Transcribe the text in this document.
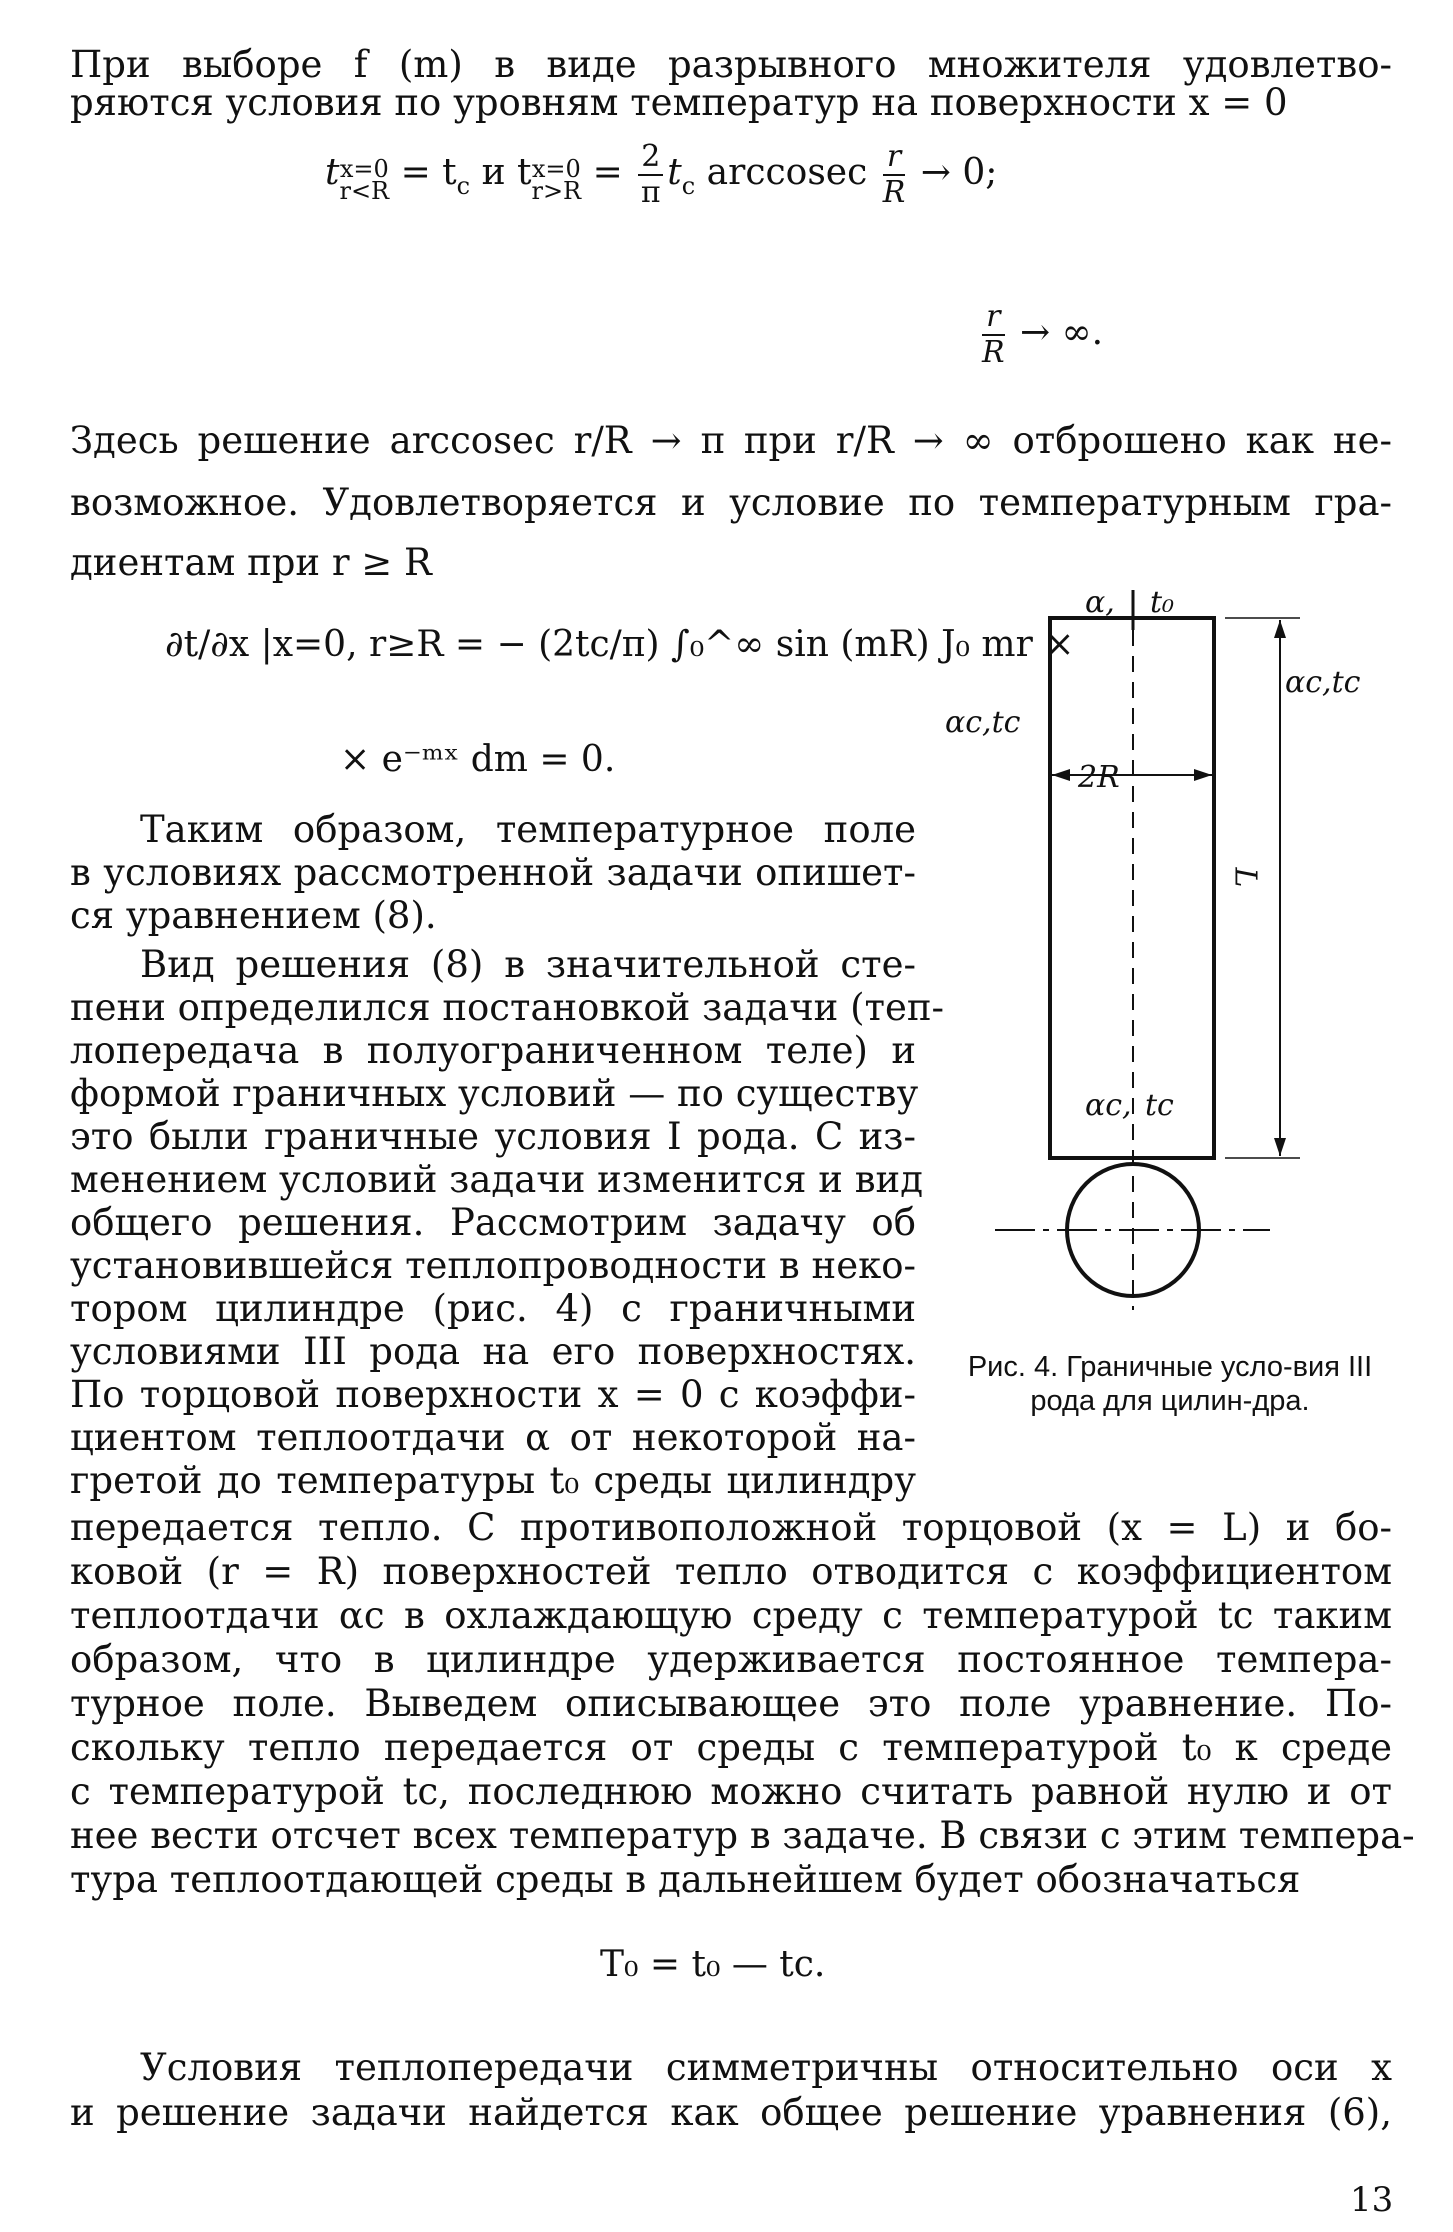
При выборе f (m) в виде разрывного множителя удовлетво-
ряются условия по уровням температур на поверхности x = 0
t x=0
$r<R = t_c$ и t x=0
$r>R = \frac{2}{\pi} t_c$ arccosec $\frac{r}{R} \to 0$;
$\frac{r}{R}$ → ∞.
Здесь решение arccosec r/R → π при r/R → ∞ отброшено как не-
возможное. Удовлетворяется и условие по температурным гра-
диентам при r ≥ R
∂t/∂x |x=0, r≥R = − (2tc/π) ∫₀^∞ sin (mR) J₀ mr ×
× e⁻ᵐˣ dm = 0.
Таким образом, температурное поле
в условиях рассмотренной задачи опишет-
ся уравнением (8).
Вид решения (8) в значительной сте-
пени определился постановкой задачи (теп-
лопередача в полуограниченном теле) и
формой граничных условий — по существу
это были граничные условия I рода. С из-
менением условий задачи изменится и вид
общего решения. Рассмотрим задачу об
установившейся теплопроводности в неко-
тором цилиндре (рис. 4) с граничными
условиями III рода на его поверхностях.
По торцовой поверхности x = 0 с коэффи-
циентом теплоотдачи α от некоторой на-
гретой до температуры t₀ среды цилиндру
передается тепло. С противоположной торцовой (x = L) и бо-
ковой (r = R) поверхностей тепло отводится с коэффициентом
теплоотдачи αc в охлаждающую среду с температурой tc таким
образом, что в цилиндре удерживается постоянное темпера-
турное поле. Выведем описывающее это поле уравнение. По-
скольку тепло передается от среды с температурой t₀ к среде
с температурой tc, последнюю можно считать равной нулю и от
нее вести отсчет всех температур в задаче. В связи с этим темпера-
тура теплоотдающей среды в дальнейшем будет обозначаться
T₀ = t₀ — tc.
Условия теплопередачи симметричны относительно оси x
и решение задачи найдется как общее решение уравнения (6),
α, t₀
αc,tc
αc,tc
2R
L
αc, tc
Рис. 4. Граничные усло-вия III рода для цилин-дра.
13
